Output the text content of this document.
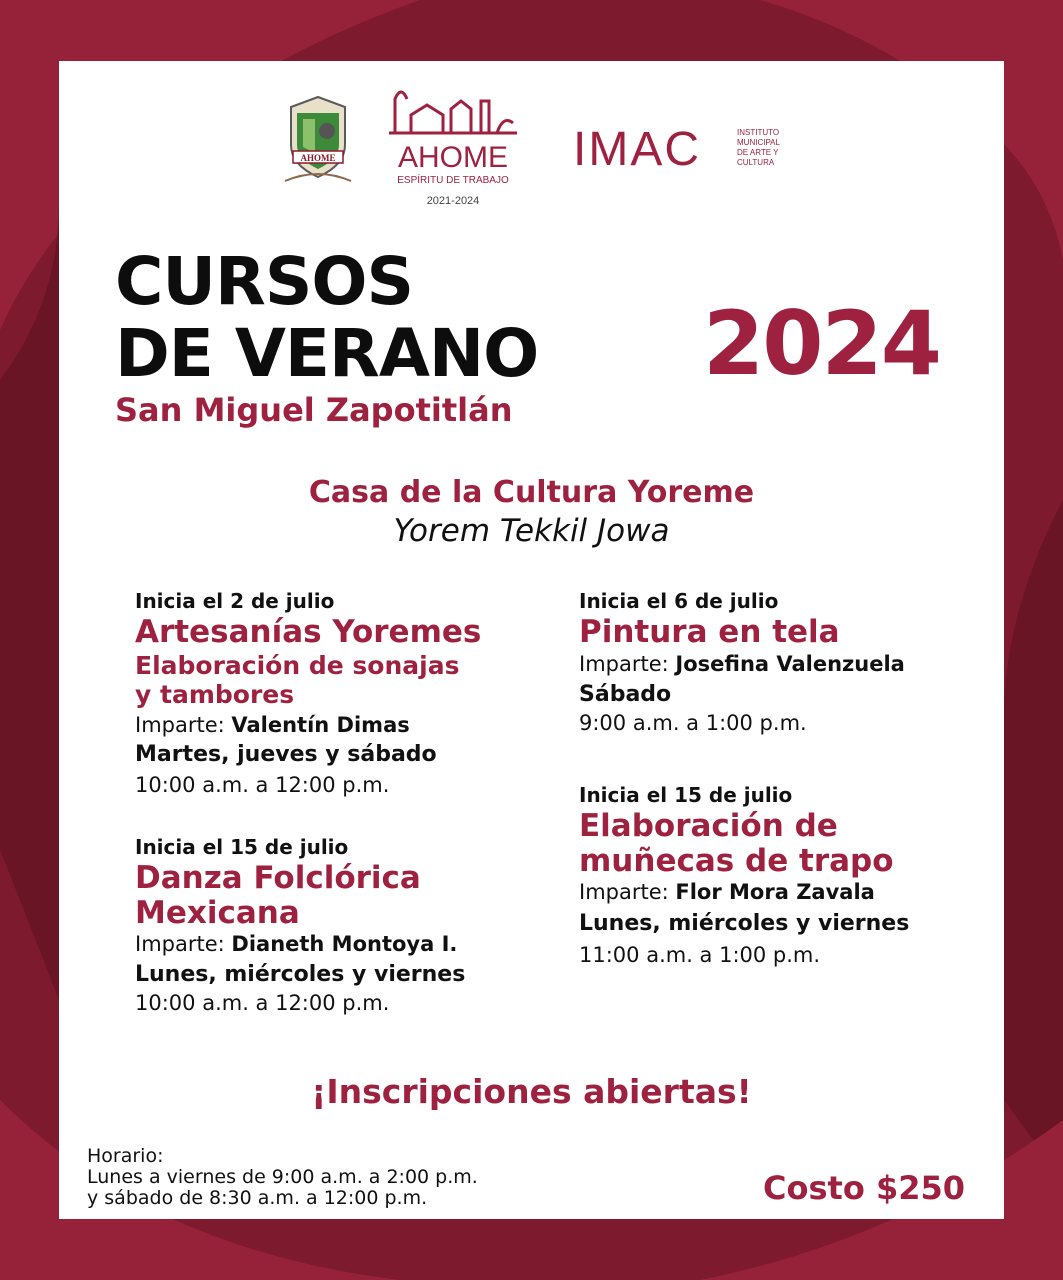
AHOME AHOME
ESPÍRITU DE TRABAJO
2021-2024
IMAC	INSTITUTO
MUNICIPAL
DE ARTE Y
CULTURA
CURSOS
DE VERANO
San Miguel Zapotitlán
2024
Casa de la Cultura Yoreme
Yorem Tekkil Jowa
Inicia el 2 de julio
Artesanías Yoremes
Elaboración de sonajas
y tambores
Imparte: Valentín Dimas
Martes, jueves y sábado
10:00 a.m. a 12:00 p.m.
Inicia el 15 de julio
Danza Folclórica
Mexicana
Imparte: Dianeth Montoya I.
Lunes, miércoles y viernes
10:00 a.m. a 12:00 p.m.
Inicia el 6 de julio
Pintura en tela
Imparte: Josefina Valenzuela
Sábado
9:00 a.m. a 1:00 p.m.
Inicia el 15 de julio
Elaboración de
muñecas de trapo
Imparte: Flor Mora Zavala
Lunes, miércoles y viernes
11:00 a.m. a 1:00 p.m.
¡Inscripciones abiertas!
Horario:
Lunes a viernes de 9:00 a.m. a 2:00 p.m.
y sábado de 8:30 a.m. a 12:00 p.m.	Costo $250
